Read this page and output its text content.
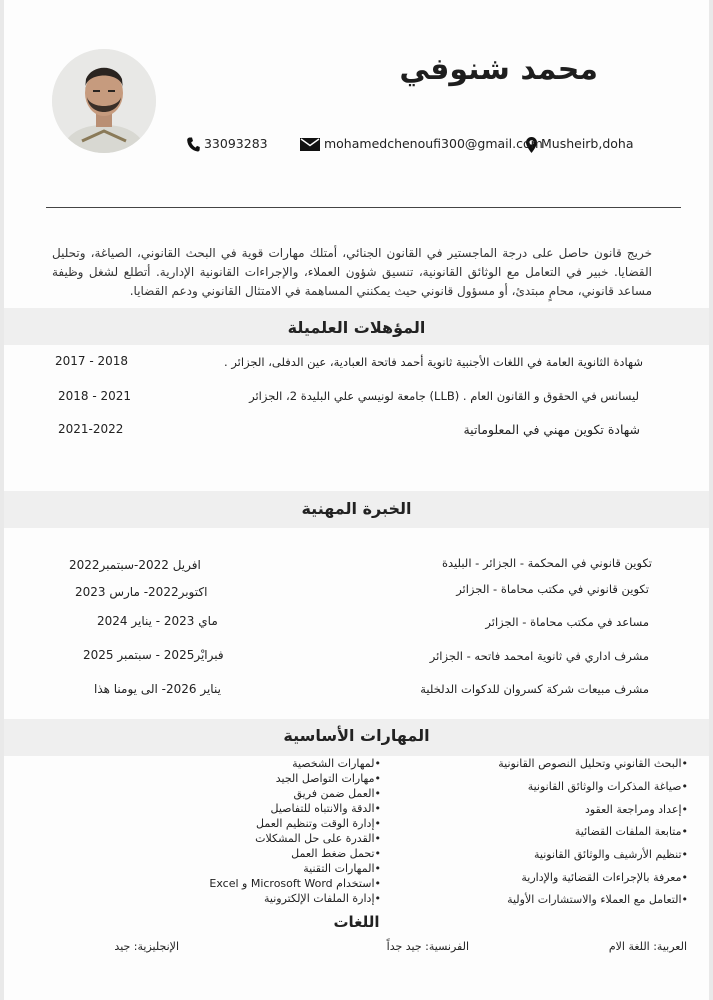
محمد شنوفي
Musheirb,doha
mohamedchenoufi300@gmail.com
33093283
خريج قانون حاصل على درجة الماجستير في القانون الجنائي، أمتلك مهارات قوية في البحث القانوني، الصياغة، وتحليل القضايا. خبير في التعامل مع الوثائق القانونية، تنسيق شؤون العملاء، والإجراءات القانونية الإدارية. أتطلع لشغل وظيفة مساعد قانوني، محامٍ مبتدئ، أو مسؤول قانوني حيث يمكنني المساهمة في الامتثال القانوني ودعم القضايا.
المؤهلات العلميلة
شهادة الثانوية العامة في اللغات الأجنبية ثانوية أحمد فاتحة العبادية، عين الدفلى، الجزائر .
2017 - 2018
ليسانس في الحقوق و القانون العام . (LLB) جامعة لونيسي علي البليدة 2، الجزائر
2018 - 2021
شهادة تكوين مهني في المعلوماتية
2021-2022
الخبرة المهنية
تكوين قانوني في المحكمة - الجزائر - البليدة
افريل 2022-سبتمبر2022
تكوين قانوني في مكتب محاماة - الجزائر
اكتوبر2022- مارس 2023
مساعد في مكتب محاماة - الجزائر
ماي 2023 - يناير 2024
مشرف اداري في ثانوية امحمد فاتحه - الجزائر
فبرايْر2025 - سبتمبر 2025
مشرف مبيعات شركة كسروان للدكوات الدلخلية
يناير 2026- الى يومنا هذا
المهارات الأساسية
•البحث القانوني وتحليل النصوص القانونية
•صياغة المذكرات والوثائق القانونية
•إعداد ومراجعة العقود
•متابعة الملفات القضائية
•تنظيم الأرشيف والوثائق القانونية
•معرفة بالإجراءات القضائية والإدارية
•التعامل مع العملاء والاستشارات الأولية
•لمهارات الشخصية
•مهارات التواصل الجيد
•العمل ضمن فريق
•الدقة والانتباه للتفاصيل
•إدارة الوقت وتنظيم العمل
•القدرة على حل المشكلات
•تحمل ضغط العمل
•المهارات التقنية
•استخدام Microsoft Word و Excel
•إدارة الملفات الإلكترونية
اللغات
العربية: اللغة الام
الفرنسية: جيد جداً
الإنجليزية: جيد
